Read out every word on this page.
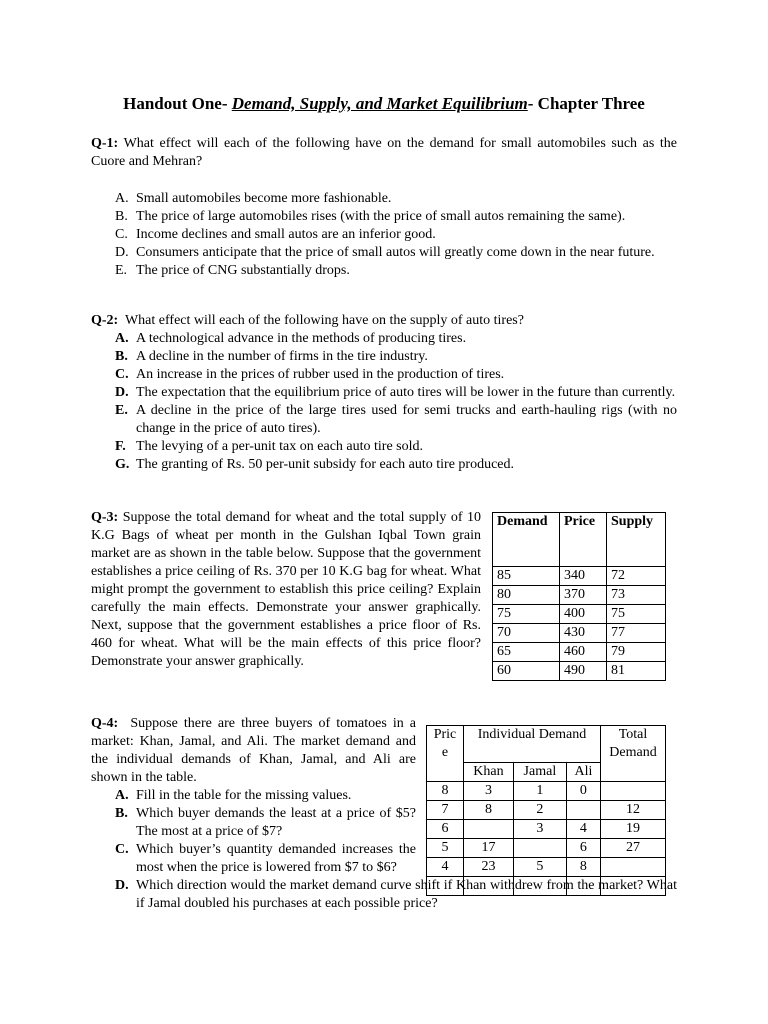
Handout One- Demand, Supply, and Market Equilibrium- Chapter Three
Q-1: What effect will each of the following have on the demand for small automobiles such as the Cuore and Mehran?
A. Small automobiles become more fashionable.
B. The price of large automobiles rises (with the price of small autos remaining the same).
C. Income declines and small autos are an inferior good.
D. Consumers anticipate that the price of small autos will greatly come down in the near future.
E. The price of CNG substantially drops.
Q-2: What effect will each of the following have on the supply of auto tires?
A. A technological advance in the methods of producing tires.
B. A decline in the number of firms in the tire industry.
C. An increase in the prices of rubber used in the production of tires.
D. The expectation that the equilibrium price of auto tires will be lower in the future than currently.
E. A decline in the price of the large tires used for semi trucks and earth-hauling rigs (with no change in the price of auto tires).
F. The levying of a per-unit tax on each auto tire sold.
G. The granting of Rs. 50 per-unit subsidy for each auto tire produced.
Q-3: Suppose the total demand for wheat and the total supply of 10 K.G Bags of wheat per month in the Gulshan Iqbal Town grain market are as shown in the table below. Suppose that the government establishes a price ceiling of Rs. 370 per 10 K.G bag for wheat. What might prompt the government to establish this price ceiling? Explain carefully the main effects. Demonstrate your answer graphically. Next, suppose that the government establishes a price floor of Rs. 460 for wheat. What will be the main effects of this price floor? Demonstrate your answer graphically.
Demand	Price	Supply
85	340	72
80	370	73
75	400	75
70	430	77
65	460	79
60	490	81
Q-4: Suppose there are three buyers of tomatoes in a market: Khan, Jamal, and Ali. The market demand and the individual demands of Khan, Jamal, and Ali are shown in the table.
A. Fill in the table for the missing values.
B. Which buyer demands the least at a price of $5? The most at a price of $7?
C. Which buyer’s quantity demanded increases the most when the price is lowered from $7 to $6?
D. Which direction would the market demand curve shift if Khan withdrew from the market? What if Jamal doubled his purchases at each possible price?
Price	Individual Demand			Total Demand
	Khan	Jamal	Ali	
8	3	1	0	
7	8	2		12
6		3	4	19
5	17		6	27
4	23	5	8	
